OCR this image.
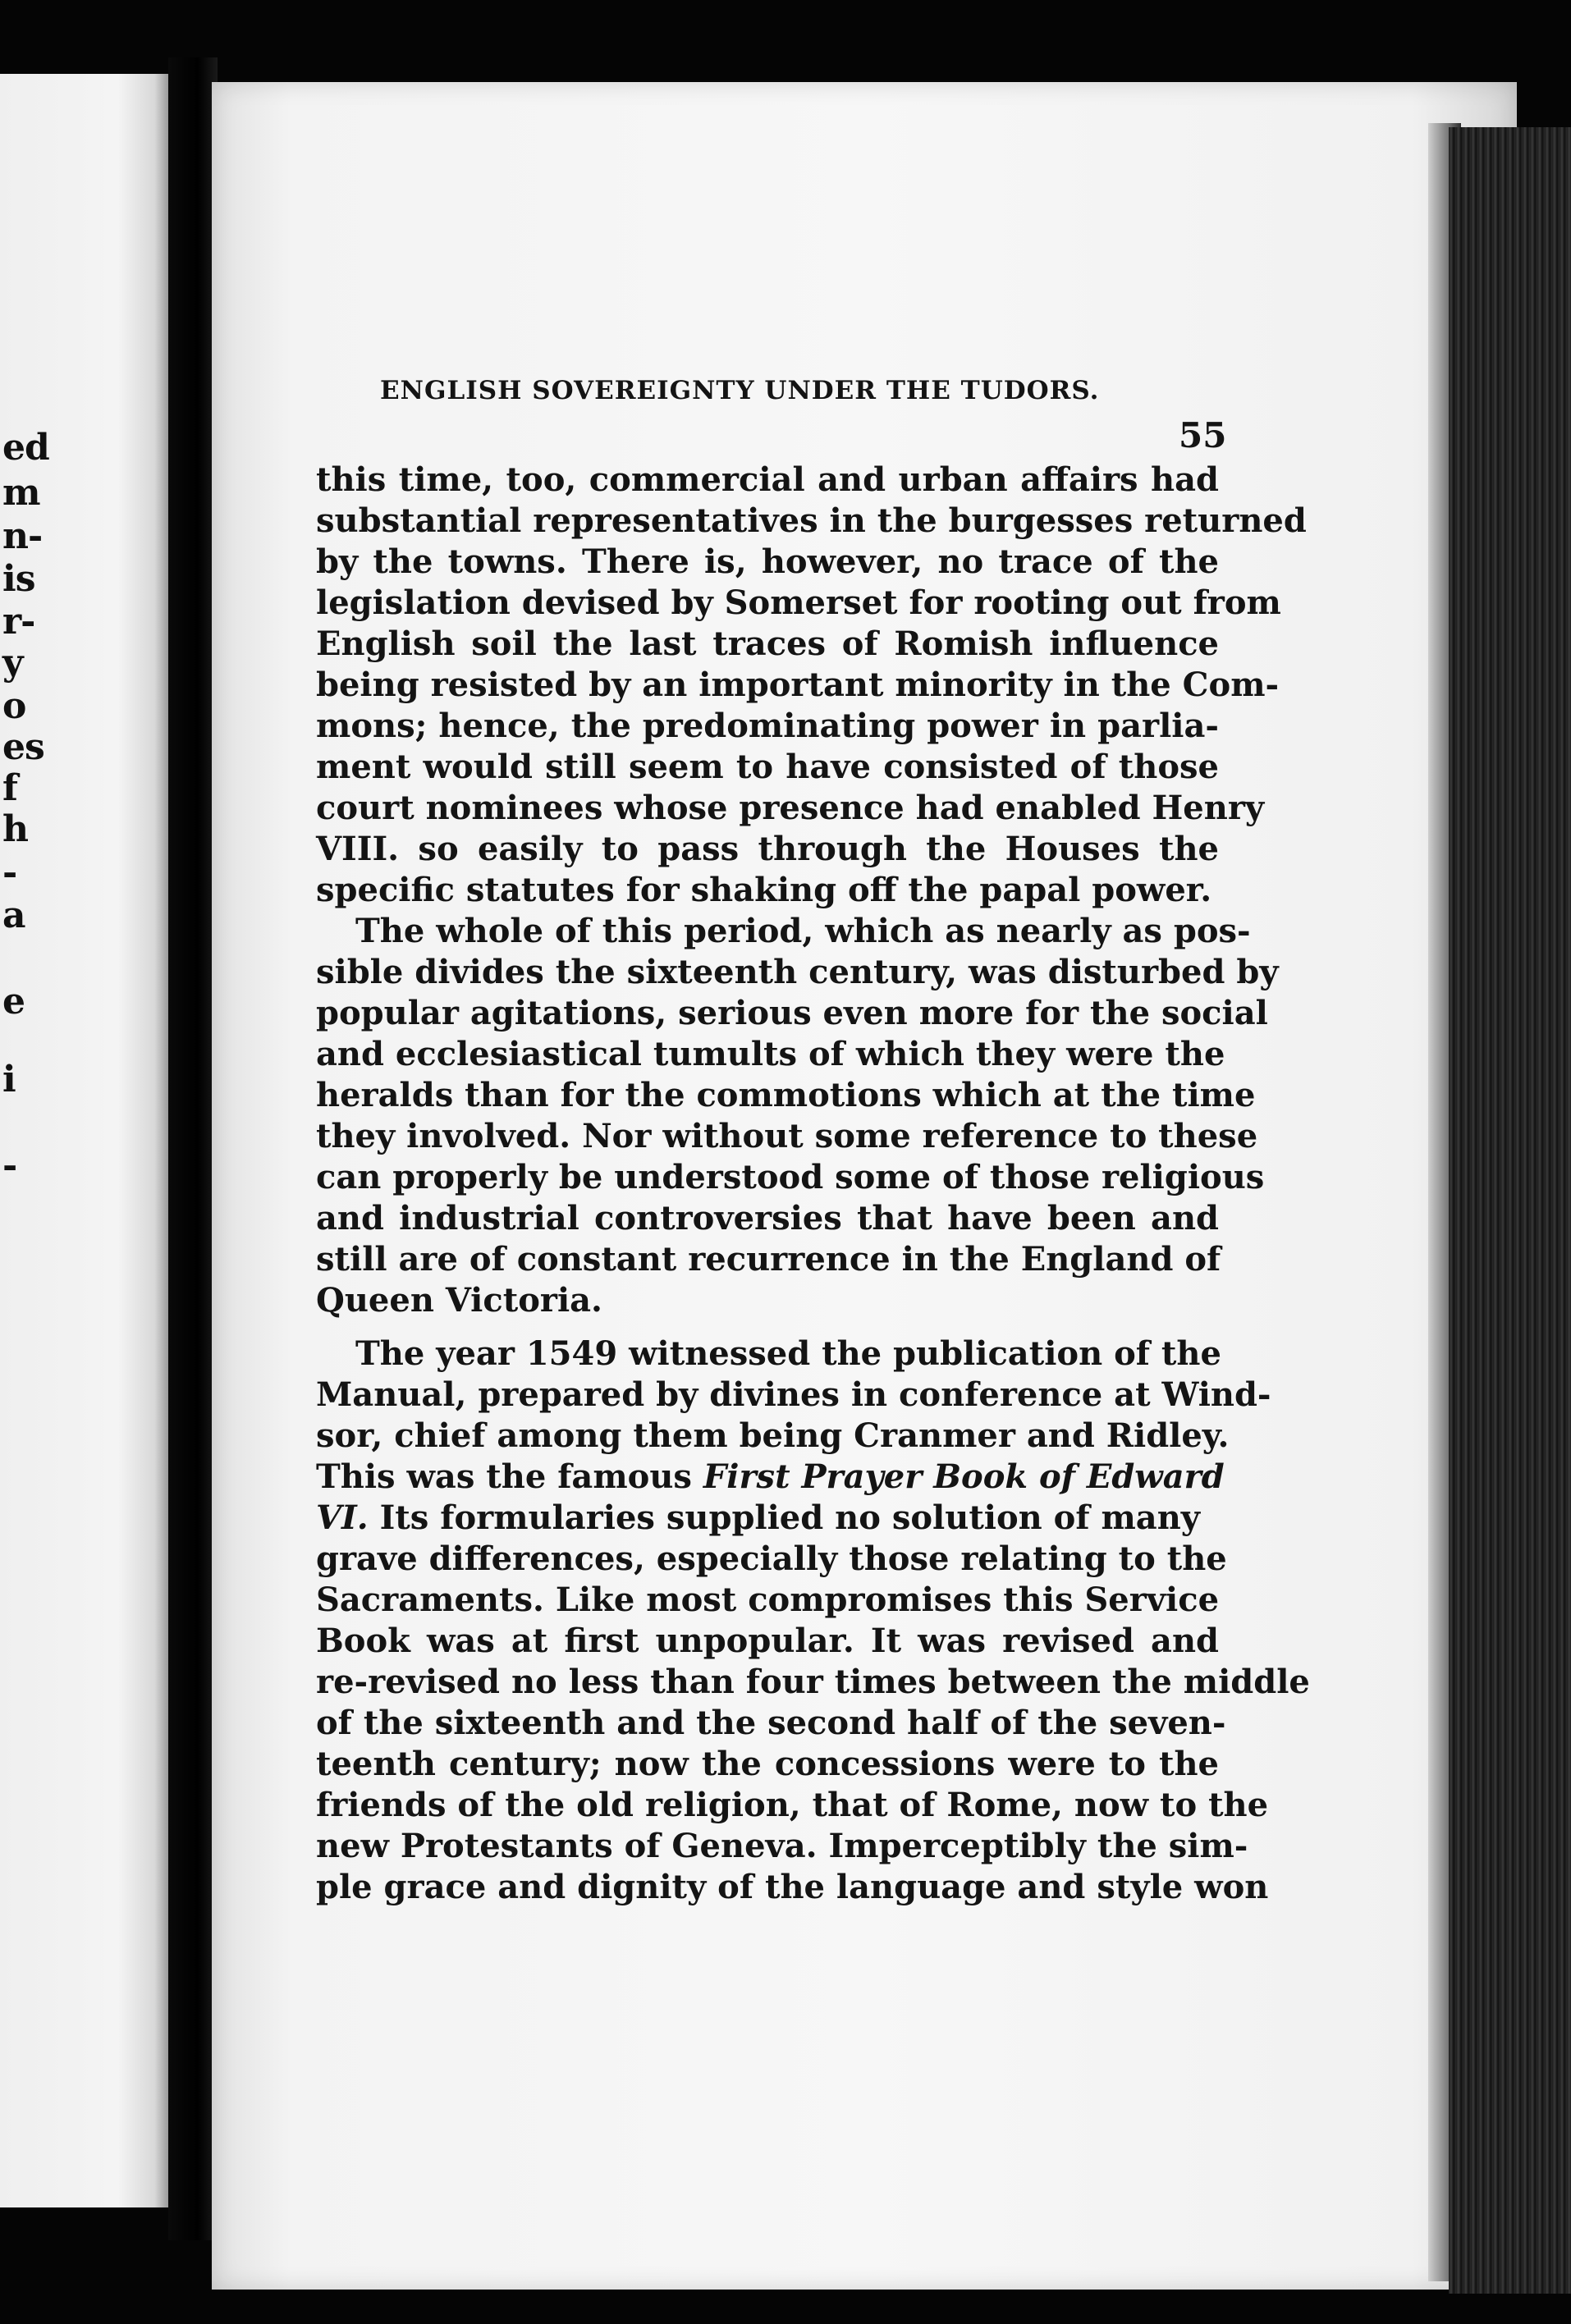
ed
m
n-
is
r-
y
o
es
f
h
-
a
e
i
-
ENGLISH SOVEREIGNTY UNDER THE TUDORS.
55
this time, too, commercial and urban affairs had
substantial representatives in the burgesses returned
by the towns. There is, however, no trace of the
legislation devised by Somerset for rooting out from
English soil the last traces of Romish influence
being resisted by an important minority in the Com-
mons; hence, the predominating power in parlia-
ment would still seem to have consisted of those
court nominees whose presence had enabled Henry
VIII. so easily to pass through the Houses the
specific statutes for shaking off the papal power.
The whole of this period, which as nearly as pos-
sible divides the sixteenth century, was disturbed by
popular agitations, serious even more for the social
and ecclesiastical tumults of which they were the
heralds than for the commotions which at the time
they involved. Nor without some reference to these
can properly be understood some of those religious
and industrial controversies that have been and
still are of constant recurrence in the England of
Queen Victoria.
The year 1549 witnessed the publication of the
Manual, prepared by divines in conference at Wind-
sor, chief among them being Cranmer and Ridley.
This was the famous First Prayer Book of Edward
VI. Its formularies supplied no solution of many
grave differences, especially those relating to the
Sacraments. Like most compromises this Service
Book was at first unpopular. It was revised and
re-revised no less than four times between the middle
of the sixteenth and the second half of the seven-
teenth century; now the concessions were to the
friends of the old religion, that of Rome, now to the
new Protestants of Geneva. Imperceptibly the sim-
ple grace and dignity of the language and style won
